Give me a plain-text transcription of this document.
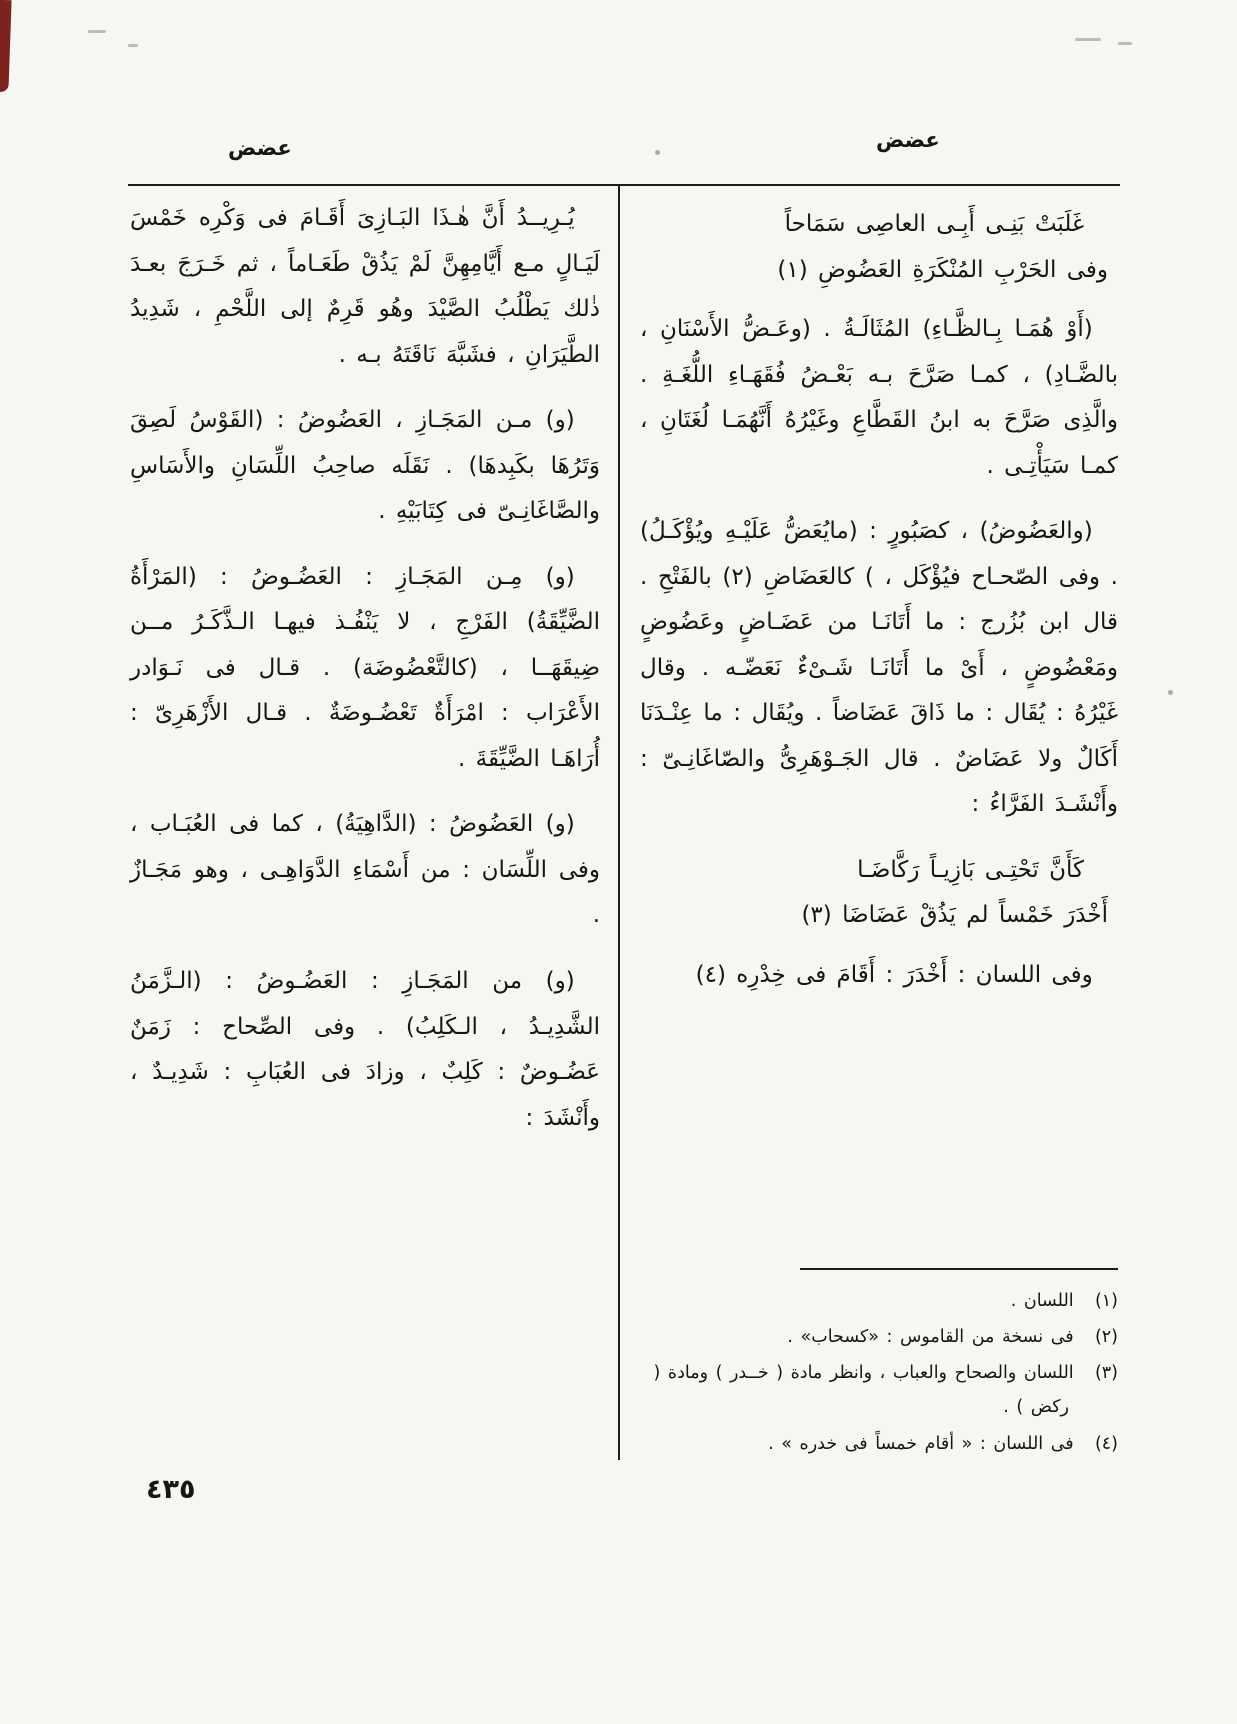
عضض	عضض
غَلَبَتْ بَنِـى أَبِـى العاصِى سَمَاحاً
وفى الحَرْبِ المُنْكَرَةِ العَضُوضِ (١)

(أَوْ هُمَـا بِـالظَّـاءِ) المُثَالَـةُ . (وعَـضُّ الأَسْنَانِ ، بالضَّـادِ) ، كمـا صَرَّحَ بـه بَعْـضُ فُقَهَـاءِ اللُّغَـةِ . والَّذِى صَرَّحَ به ابنُ القَطَّاعِ وغَيْرُهُ أَنَّهُمَـا لُغَتَانِ ، كمـا سَيَأْتِـى .

(والعَضُوضُ) ، كصَبُورٍ : (مايُعَضُّ عَلَيْـهِ ويُؤْكَـلُ) . وفى الصّحـاح فيُؤْكَل ، ) كالعَضَاضِ (٢) بالفَتْحِ . قال ابن بُزُرج : ما أَتَانَـا من عَضَـاضٍ وعَضُوضٍ ومَعْضُوضٍ ، أَىْ ما أَتَانَـا شَـىْءٌ نَعَضّـه . وقال غَيْرُهُ : يُقَال : ما ذَاقَ عَضَاضاً . ويُقَال : ما عِنْـدَنَا أَكَالٌ ولا عَضَاضٌ . قال الجَـوْهَرِىُّ والصّاغَانِـىّ : وأَنْشَـدَ الفَرَّاءُ :

كَأَنَّ تَحْتِـى بَازِيـاً رَكَّاضَـا
أَخْدَرَ خَمْساً لم يَذُقْ عَضَاضَا (٣)

وفى اللسان : أَخْدَرَ : أَقَامَ فى خِدْرِه (٤)

يُـرِيــدُ أَنَّ هٰـذَا البَـازِىَ أَقَـامَ فى وَكْرِه خَمْسَ لَيَـالٍ مـع أَيَّامِهِنَّ لَمْ يَذُقْ طَعَـاماً ، ثم خَـرَجَ بعـدَ ذٰلك يَطْلُبُ الصَّيْدَ وهُو قَرِمٌ إلى اللَّحْمِ ، شَدِيدُ الطَّيَرَانِ ، فشَبَّهَ نَاقَتَهُ بـه .

(و) مـن المَجَـازِ ، العَضُوضُ : (القَوْسُ لَصِقَ وَتَرُهَا بكَبِدهَا) . نَقَلَه صاحِبُ اللِّسَانِ والأَسَاسِ والصَّاغَانِـىّ فى كِتَابَيْهِ .

(و) مِـن المَجَـازِ : العَضُـوضُ : (المَرْأَةُ الضَّيِّقَةُ) الفَرْجِ ، لا يَنْفُـذ فيهـا الـذَّكَـرُ مــن ضِيقَهَــا ، (كالتَّعْضُوضَة) . قـال فى نَـوَادر الأَعْرَاب : امْرَأَةٌ تَعْضُـوضَةٌ . قـال الأَزْهَرِىّ : أُرَاهَـا الضَّيِّقَةَ .

(و) العَضُوضُ : (الدَّاهِيَةُ) ، كما فى العُبَـاب ، وفى اللِّسَان : من أَسْمَاءِ الدَّوَاهِـى ، وهو مَجَـازٌ .

(و) من المَجَـازِ : العَضُـوضُ : (الـزَّمَنُ الشَّدِيـدُ ، الـكَلِبُ) . وفى الصِّحاح : زَمَنٌ عَضُـوضٌ : كَلِبٌ ، وزادَ فى العُبَابِ : شَدِيـدٌ ، وأَنْشَدَ :

(١) اللسان .
(٢) فى نسخة من القاموس : «كسحاب» .
(٣) اللسان والصحاح والعباب ، وانظر مادة ( خــدر ) ومادة ( ركض ) .
(٤) فى اللسان : « أقام خمساً فى خدره » .
٤٣٥
